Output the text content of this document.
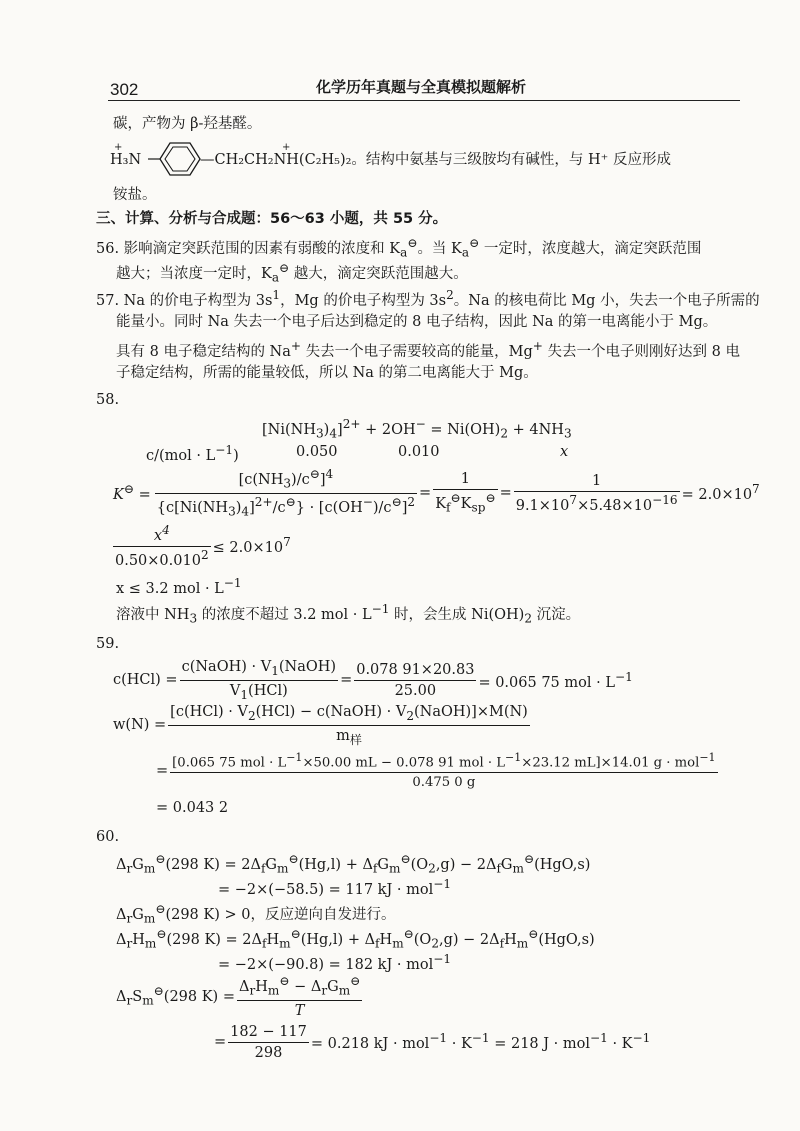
302	化学历年真题与全真模拟题解析
碳，产物为 β-羟基醛。
+
H₃N
+
—CH₂CH₂NH(C₂H₅)₂。结构中氨基与三级胺均有碱性，与 H⁺ 反应形成
铵盐。
三、计算、分析与合成题：56～63 小题，共 55 分。
56. 影响滴定突跃范围的因素有弱酸的浓度和 $K_a^⊖$。当 $K_a^⊖$ 一定时，浓度越大，滴定突跃范围
越大；当浓度一定时，$K_a^⊖$ 越大，滴定突跃范围越大。
57. Na 的价电子构型为 $3s^1$，Mg 的价电子构型为 $3s^2$。Na 的核电荷比 Mg 小，失去一个电子所需的
能量小。同时 Na 失去一个电子后达到稳定的 8 电子结构，因此 Na 的第一电离能小于 Mg。
具有 8 电子稳定结构的 Na+ 失去一个电子需要较高的能量，Mg+ 失去一个电子则刚好达到 8 电
子稳定结构，所需的能量较低，所以 Na 的第二电离能大于 Mg。
58.
$[Ni(NH_3)_4]^{2+} + 2OH^- = Ni(OH)_2 + 4NH_3$
$c/(mol \cdot L^{-1})$	0.050	0.010	x
$K^⊖ = \frac{[c(NH_3)/c^⊖]^4}{\{c[Ni(NH_3)_4]^{2+}/c^⊖\} \cdot [c(OH^-)/c^⊖]^2} = \frac{1}{K_f^⊖K_{sp}^⊖} = \frac{1}{9.1\times 10^7\times 5.48\times 10^{-16}} = 2.0\times 10^7$
$\frac{x^4}{0.50\times 0.010^2} \le 2.0\times 10^7$
x ≤ 3.2 mol · $L^{-1}$
溶液中 $NH_3$ 的浓度不超过 3.2 mol · $L^{-1}$ 时，会生成 $Ni(OH)_2$ 沉淀。
59.
$c(HCl) = \frac{c(NaOH) \cdot V_1(NaOH)}{V_1(HCl)} = \frac{0.078 91\times 20.83}{25.00} = 0.065$ 75 mol · $L^{-1}$
$w(N) = \frac{[c(HCl) \cdot V_2(HCl) - c(NaOH) \cdot V_2(NaOH)]\times M(N)}{m_样}$
= [0.065 75 mol · $L^{-1}\times 50.00$ mL − 0.078 91 mol · $L^{-1}\times 23.12$ mL]×14.01 g · mol$^{-1}$
0.475 0 g
= 0.043 2
60.
$\Delta_rG_m^⊖(298$ $K) = 2\Delta_fG_m^⊖(Hg,l) + \Delta_fG_m^⊖(O_2,g) - 2\Delta_fG_m^⊖(HgO,s)$
= −2×(−58.5) = 117 kJ · mol$^{-1}$
$\Delta_rG_m^⊖(298$ K) > 0，反应逆向自发进行。
$\Delta_rH_m^⊖(298$ $K) = 2\Delta_fH_m^⊖(Hg,l) + \Delta_fH_m^⊖(O_2,g) - 2\Delta_fH_m^⊖(HgO,s)$
= −2×(−90.8) = 182 kJ · mol$^{-1}$
$\Delta_rS_m^⊖(298$ $K) = \frac{\Delta_rH_m^⊖ - \Delta_rG_m^⊖}{T}$
= $\frac{182 - 117}{298} = 0.218$ kJ · $mol^{-1} \cdot K^{-1} = 218$ $J \cdot mol^{-1} \cdot K^{-1}$
